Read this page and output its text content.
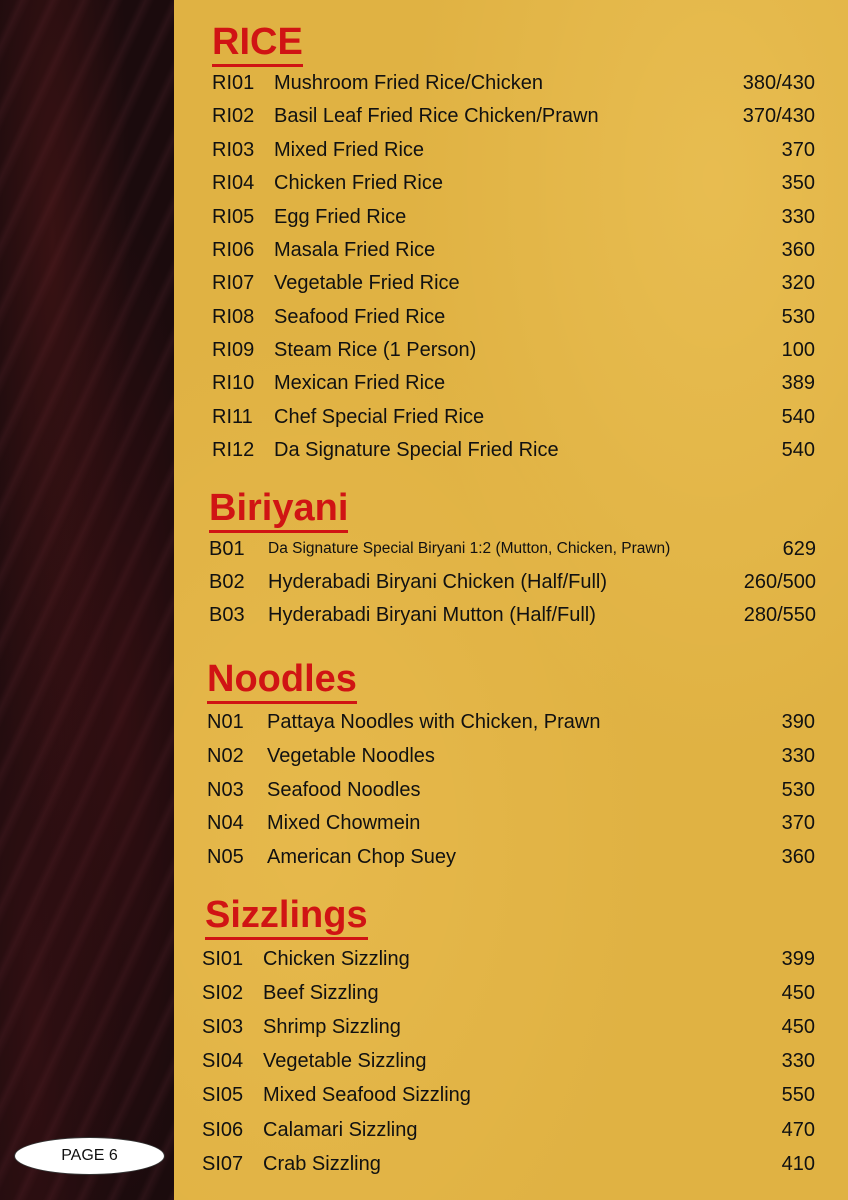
RICE
RI01 Mushroom Fried Rice/Chicken	380/430
RI02 Basil Leaf Fried Rice Chicken/Prawn	370/430
RI03 Mixed Fried Rice	370
RI04 Chicken Fried Rice	350
RI05 Egg Fried Rice	330
RI06 Masala Fried Rice	360
RI07 Vegetable Fried Rice	320
RI08 Seafood Fried Rice	530
RI09 Steam Rice (1 Person)	100
RI10 Mexican Fried Rice	389
RI11 Chef Special Fried Rice	540
RI12 Da Signature Special Fried Rice	540
Biriyani
B01 Da Signature Special Biryani 1:2 (Mutton, Chicken, Prawn)	629
B02 Hyderabadi Biryani Chicken (Half/Full)	260/500
B03 Hyderabadi Biryani Mutton (Half/Full)	280/550
Noodles
N01 Pattaya Noodles with Chicken, Prawn	390
N02 Vegetable Noodles	330
N03 Seafood Noodles	530
N04 Mixed Chowmein	370
N05 American Chop Suey	360
Sizzlings
SI01 Chicken Sizzling	399
SI02 Beef Sizzling	450
SI03 Shrimp Sizzling	450
SI04 Vegetable Sizzling	330
SI05 Mixed Seafood Sizzling	550
SI06 Calamari Sizzling	470
SI07 Crab Sizzling	410
PAGE 6
